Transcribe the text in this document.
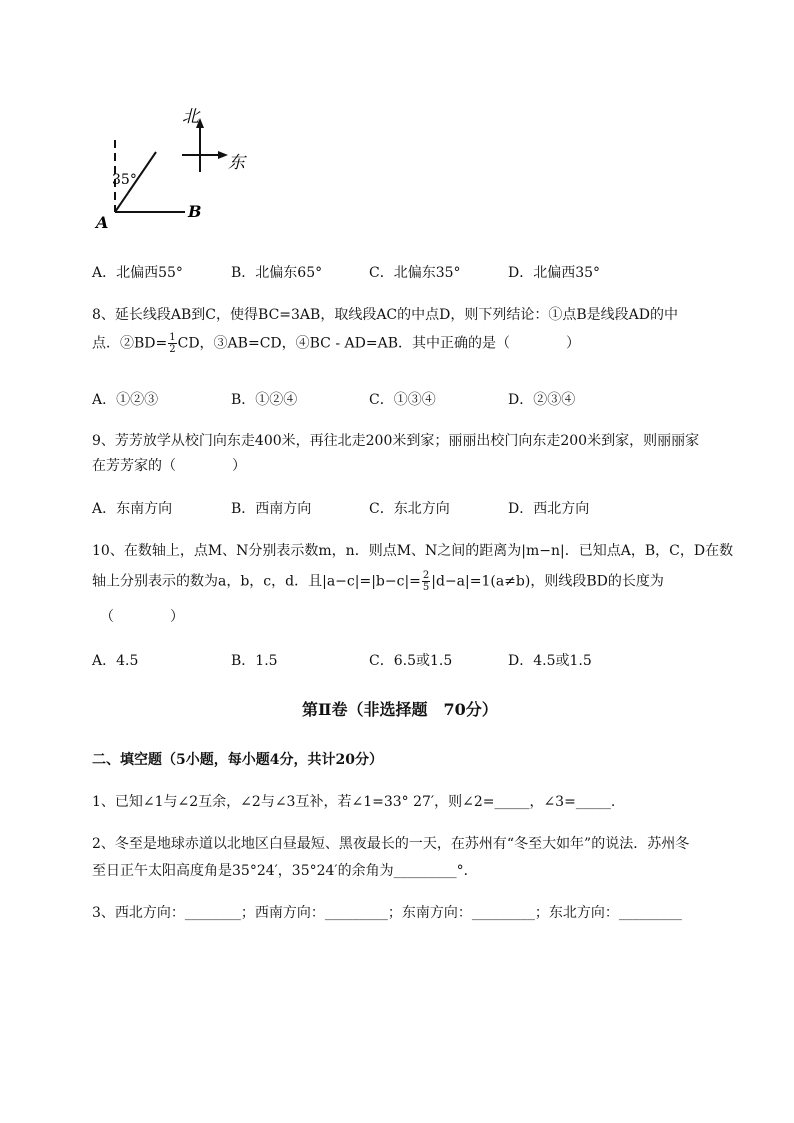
北
东
35°
A
B
A．北偏西55°	B．北偏东65°	C．北偏东35°	D．北偏西35°
8、延长线段AB到C，使得BC=3AB，取线段AC的中点D，则下列结论：①点B是线段AD的中
点．②BD= $\frac{1}{2}$ CD，③AB=CD，④BC - AD=AB．其中正确的是（　　　　）
A．①②③	B．①②④	C．①③④	D．②③④
9、芳芳放学从校门向东走400米，再往北走200米到家；丽丽出校门向东走200米到家，则丽丽家
在芳芳家的（　　　　）
A．东南方向	B．西南方向	C．东北方向	D．西北方向
10、在数轴上，点M、N分别表示数m，n．则点M、N之间的距离为|m−n|．已知点A，B，C，D在数
轴上分别表示的数为a，b，c，d．且$|a-c|=|b-c|= \frac{2}{5} |d-a|=1(a\ne b)$，则线段BD的长度为
（　　　　）
A．4.5	B．1.5	C．6.5或1.5	D．4.5或1.5
第Ⅱ卷（非选择题　70分）
二、填空题（5小题，每小题4分，共计20分）
1、已知∠1与∠2互余，∠2与∠3互补，若∠1=33° 27′，则∠2=_____，∠3=_____.
2、冬至是地球赤道以北地区白昼最短、黑夜最长的一天，在苏州有“冬至大如年”的说法．苏州冬
至日正午太阳高度角是35°24′，35°24′的余角为_________°．
3、西北方向：________；西南方向：_________；东南方向：_________；东北方向：_________
